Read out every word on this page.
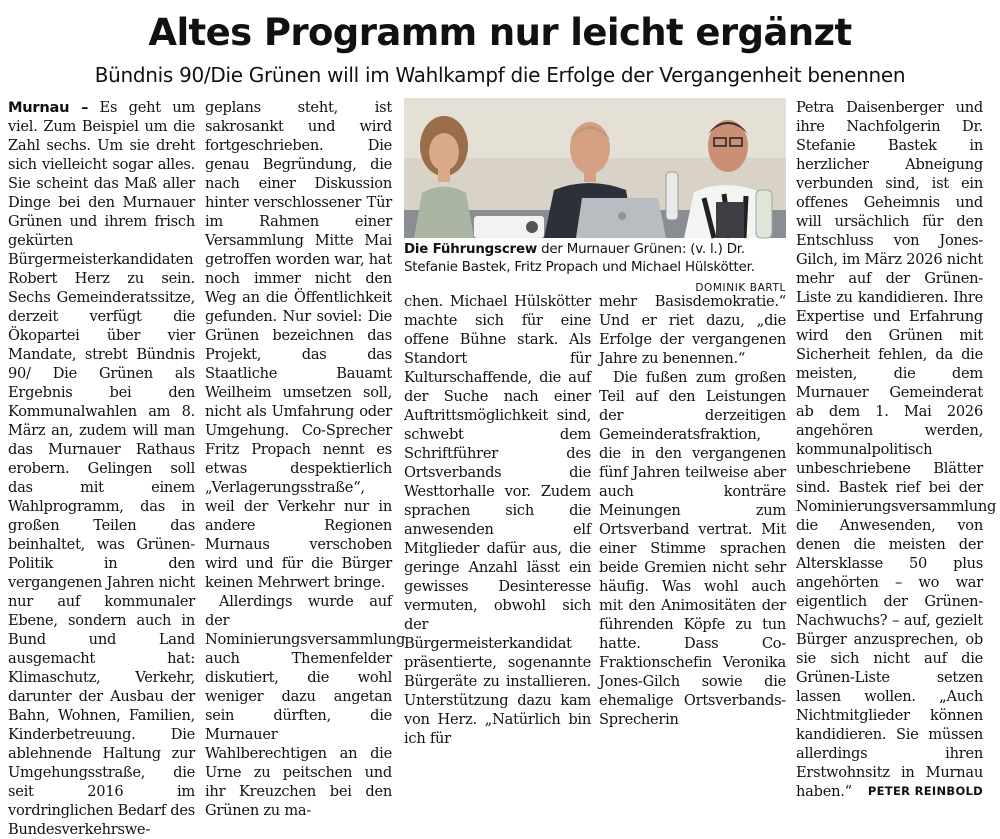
Altes Programm nur leicht ergänzt
Bündnis 90/Die Grünen will im Wahlkampf die Erfolge der Vergangenheit benennen

Murnau – Es geht um viel. Zum Beispiel um die Zahl sechs. Um sie dreht sich vielleicht sogar alles. Sie scheint das Maß aller Dinge bei den Murnauer Grünen und ihrem frisch gekürten Bürgermeisterkandidaten Robert Herz zu sein. Sechs Gemeinderatssitze, derzeit verfügt die Ökopartei über vier Mandate, strebt Bündnis 90/ Die Grünen als Ergebnis bei den Kommunalwahlen am 8. März an, zudem will man das Murnauer Rathaus erobern. Gelingen soll das mit einem Wahlprogramm, das in großen Teilen das beinhaltet, was Grünen-Politik in den vergangenen Jahren nicht nur auf kommunaler Ebene, sondern auch in Bund und Land ausgemacht hat: Klimaschutz, Verkehr, darunter der Ausbau der Bahn, Wohnen, Familien, Kinderbetreuung. Die ablehnende Haltung zur Umgehungsstraße, die seit 2016 im vordringlichen Bedarf des Bundesverkehrswe-

geplans steht, ist sakrosankt und wird fortgeschrieben. Die genau Begründung, die nach einer Diskussion hinter verschlossener Tür im Rahmen einer Versammlung Mitte Mai getroffen worden war, hat noch immer nicht den Weg an die Öffentlichkeit gefunden. Nur soviel: Die Grünen bezeichnen das Projekt, das das Staatliche Bauamt Weilheim umsetzen soll, nicht als Umfahrung oder Umgehung. Co-Sprecher Fritz Propach nennt es etwas despektierlich „Verlagerungsstraße“, weil der Verkehr nur in andere Regionen Murnaus verschoben wird und für die Bürger keinen Mehrwert bringe.

Allerdings wurde auf der Nominierungsversammlung

auch Themenfelder diskutiert, die wohl weniger dazu angetan sein dürften, die Murnauer Wahlberechtigen an die Urne zu peitschen und ihr Kreuzchen bei den Grünen zu ma-

Die Führungscrew der Murnauer Grünen: (v. l.) Dr. Stefanie Bastek, Fritz Propach und Michael Hülskötter.
DOMINIK BARTL

chen. Michael Hülskötter machte sich für eine offene Bühne stark. Als Standort für Kulturschaffende, die auf der Suche nach einer Auftrittsmöglichkeit sind, schwebt dem Schriftführer des Ortsverbands die Westtorhalle vor. Zudem sprachen sich die anwesenden elf Mitglieder dafür aus, die geringe Anzahl lässt ein gewisses Desinteresse vermuten, obwohl sich der Bürgermeisterkandidat präsentierte, sogenannte Bürgeräte zu installieren. Unterstützung dazu kam von Herz. „Natürlich bin ich für

mehr Basisdemokratie.“ Und er riet dazu, „die Erfolge der vergangenen Jahre zu benennen.“

Die fußen zum großen Teil auf den Leistungen der derzeitigen Gemeinderatsfraktion, die in den vergangenen fünf Jahren teilweise aber auch konträre Meinungen zum Ortsverband vertrat. Mit einer Stimme sprachen beide Gremien nicht sehr häufig. Was wohl auch mit den Animositäten der führenden Köpfe zu tun hatte. Dass Co-Fraktionschefin Veronika Jones-Gilch sowie die ehemalige Ortsverbands-Sprecherin

Petra Daisenberger und ihre Nachfolgerin Dr. Stefanie Bastek in herzlicher Abneigung verbunden sind, ist ein offenes Geheimnis und will ursächlich für den Entschluss von Jones-Gilch, im März 2026 nicht mehr auf der Grünen-Liste zu kandidieren. Ihre Expertise und Erfahrung wird den Grünen mit Sicherheit fehlen, da die meisten, die dem Murnauer Gemeinderat ab dem 1. Mai 2026 angehören werden, kommunalpolitisch unbeschriebene Blätter sind. Bastek rief bei der Nominierungsversammlung die Anwesenden, von denen die meisten der Altersklasse 50 plus angehörten – wo war eigentlich der Grünen-Nachwuchs? – auf, gezielt Bürger anzusprechen, ob sie sich nicht auf die Grünen-Liste setzen lassen wollen. „Auch Nichtmitglieder können kandidieren. Sie müssen allerdings ihren Erstwohnsitz in Murnau haben.“ PETER REINBOLD
